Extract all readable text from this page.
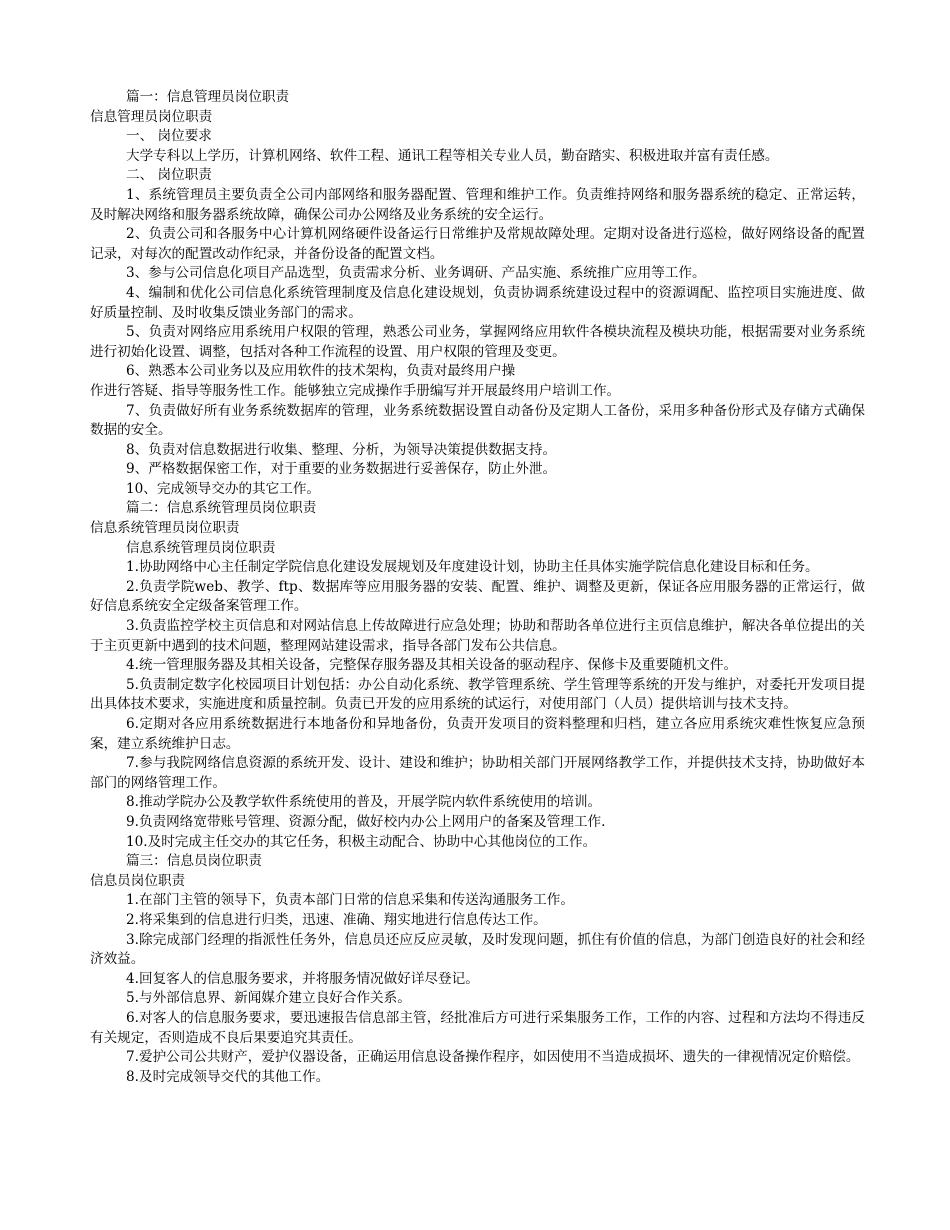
篇一：信息管理员岗位职责

信息管理员岗位职责

一、 岗位要求

大学专科以上学历，计算机网络、软件工程、通讯工程等相关专业人员，勤奋踏实、积极进取并富有责任感。

二、 岗位职责

1、系统管理员主要负责全公司内部网络和服务器配置、管理和维护工作。负责维持网络和服务器系统的稳定、正常运转，及时解决网络和服务器系统故障，确保公司办公网络及业务系统的安全运行。

2、负责公司和各服务中心计算机网络硬件设备运行日常维护及常规故障处理。定期对设备进行巡检，做好网络设备的配置记录，对每次的配置改动作纪录，并备份设备的配置文档。

3、参与公司信息化项目产品选型，负责需求分析、业务调研、产品实施、系统推广应用等工作。

4、编制和优化公司信息化系统管理制度及信息化建设规划，负责协调系统建设过程中的资源调配、监控项目实施进度、做好质量控制、及时收集反馈业务部门的需求。

5、负责对网络应用系统用户权限的管理，熟悉公司业务，掌握网络应用软件各模块流程及模块功能，根据需要对业务系统进行初始化设置、调整，包括对各种工作流程的设置、用户权限的管理及变更。

6、熟悉本公司业务以及应用软件的技术架构，负责对最终用户操

作进行答疑、指导等服务性工作。能够独立完成操作手册编写并开展最终用户培训工作。

7、负责做好所有业务系统数据库的管理，业务系统数据设置自动备份及定期人工备份，采用多种备份形式及存储方式确保数据的安全。

8、负责对信息数据进行收集、整理、分析，为领导决策提供数据支持。

9、严格数据保密工作，对于重要的业务数据进行妥善保存，防止外泄。

10、完成领导交办的其它工作。

篇二：信息系统管理员岗位职责

信息系统管理员岗位职责

信息系统管理员岗位职责

1.协助网络中心主任制定学院信息化建设发展规划及年度建设计划，协助主任具体实施学院信息化建设目标和任务。

2.负责学院web、教学、ftp、数据库等应用服务器的安装、配置、维护、调整及更新，保证各应用服务器的正常运行，做好信息系统安全定级备案管理工作。

3.负责监控学校主页信息和对网站信息上传故障进行应急处理；协助和帮助各单位进行主页信息维护，解决各单位提出的关于主页更新中遇到的技术问题，整理网站建设需求，指导各部门发布公共信息。

4.统一管理服务器及其相关设备，完整保存服务器及其相关设备的驱动程序、保修卡及重要随机文件。

5.负责制定数字化校园项目计划包括：办公自动化系统、教学管理系统、学生管理等系统的开发与维护，对委托开发项目提出具体技术要求，实施进度和质量控制。负责已开发的应用系统的试运行，对使用部门（人员）提供培训与技术支持。

6.定期对各应用系统数据进行本地备份和异地备份，负责开发项目的资料整理和归档，建立各应用系统灾难性恢复应急预案，建立系统维护日志。

7.参与我院网络信息资源的系统开发、设计、建设和维护；协助相关部门开展网络教学工作，并提供技术支持，协助做好本部门的网络管理工作。

8.推动学院办公及教学软件系统使用的普及，开展学院内软件系统使用的培训。

9.负责网络宽带账号管理、资源分配，做好校内办公上网用户的备案及管理工作.

10.及时完成主任交办的其它任务，积极主动配合、协助中心其他岗位的工作。

篇三：信息员岗位职责

信息员岗位职责

1.在部门主管的领导下，负责本部门日常的信息采集和传送沟通服务工作。

2.将采集到的信息进行归类，迅速、准确、翔实地进行信息传达工作。

3.除完成部门经理的指派性任务外，信息员还应反应灵敏，及时发现问题，抓住有价值的信息，为部门创造良好的社会和经济效益。

4.回复客人的信息服务要求，并将服务情况做好详尽登记。

5.与外部信息界、新闻媒介建立良好合作关系。

6.对客人的信息服务要求，要迅速报告信息部主管，经批准后方可进行采集服务工作，工作的内容、过程和方法均不得违反有关规定，否则造成不良后果要追究其责任。

7.爱护公司公共财产，爱护仪器设备，正确运用信息设备操作程序，如因使用不当造成损坏、遗失的一律视情况定价赔偿。

8.及时完成领导交代的其他工作。
